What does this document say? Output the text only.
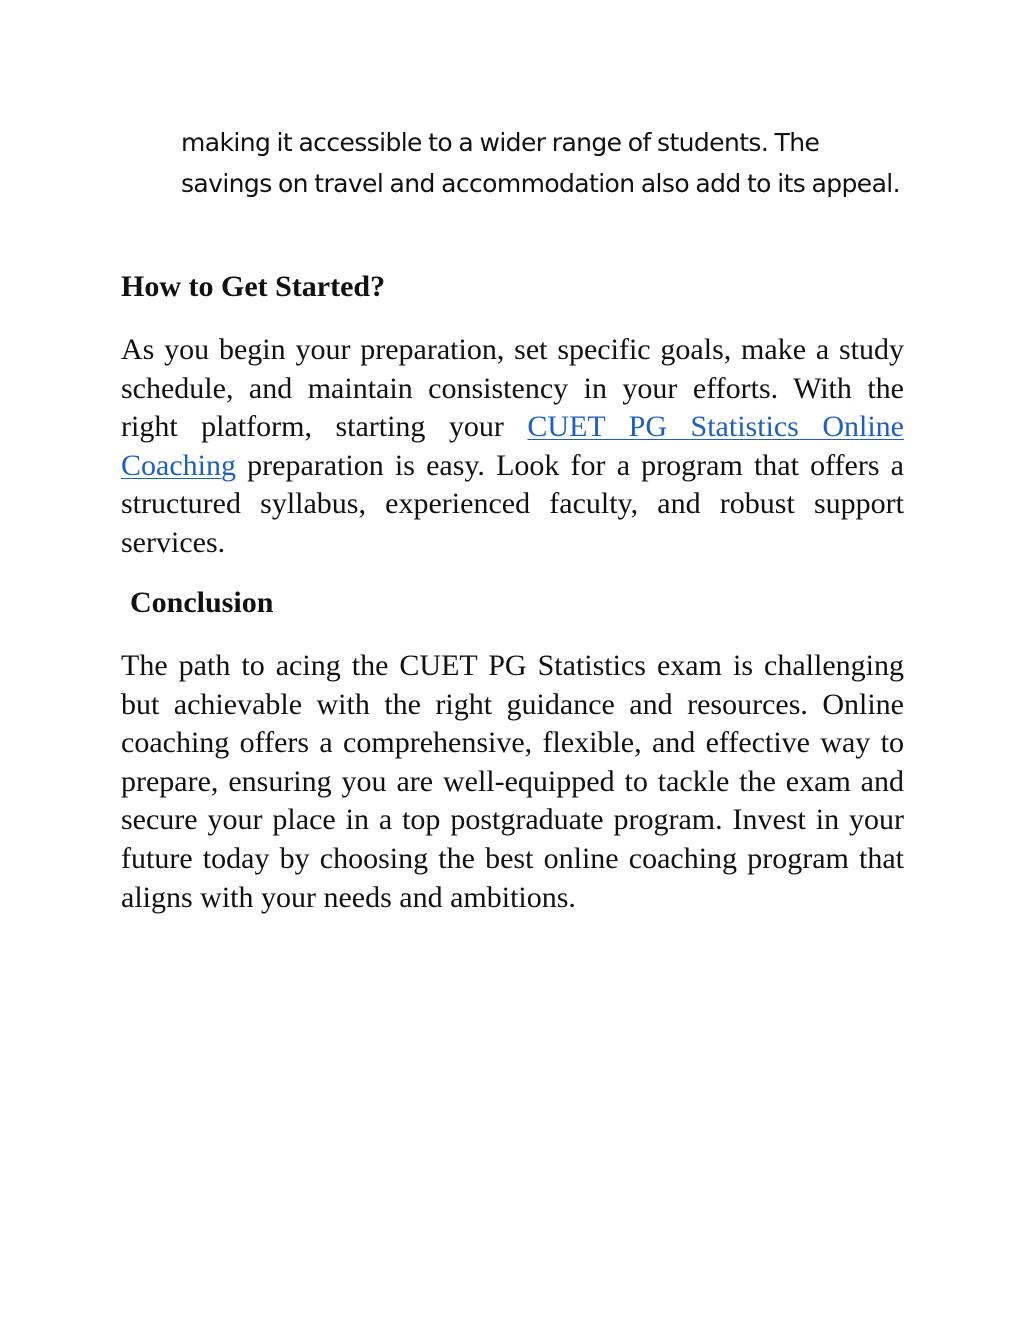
making it accessible to a wider range of students. The savings on travel and accommodation also add to its appeal.

How to Get Started?

As you begin your preparation, set specific goals, make a study schedule, and maintain consistency in your efforts. With the right platform, starting your CUET PG Statistics Online Coaching preparation is easy. Look for a program that offers a structured syllabus, experienced faculty, and robust support services.

Conclusion

The path to acing the CUET PG Statistics exam is challenging but achievable with the right guidance and resources. Online coaching offers a comprehensive, flexible, and effective way to prepare, ensuring you are well-equipped to tackle the exam and secure your place in a top postgraduate program. Invest in your future today by choosing the best online coaching program that aligns with your needs and ambitions.
